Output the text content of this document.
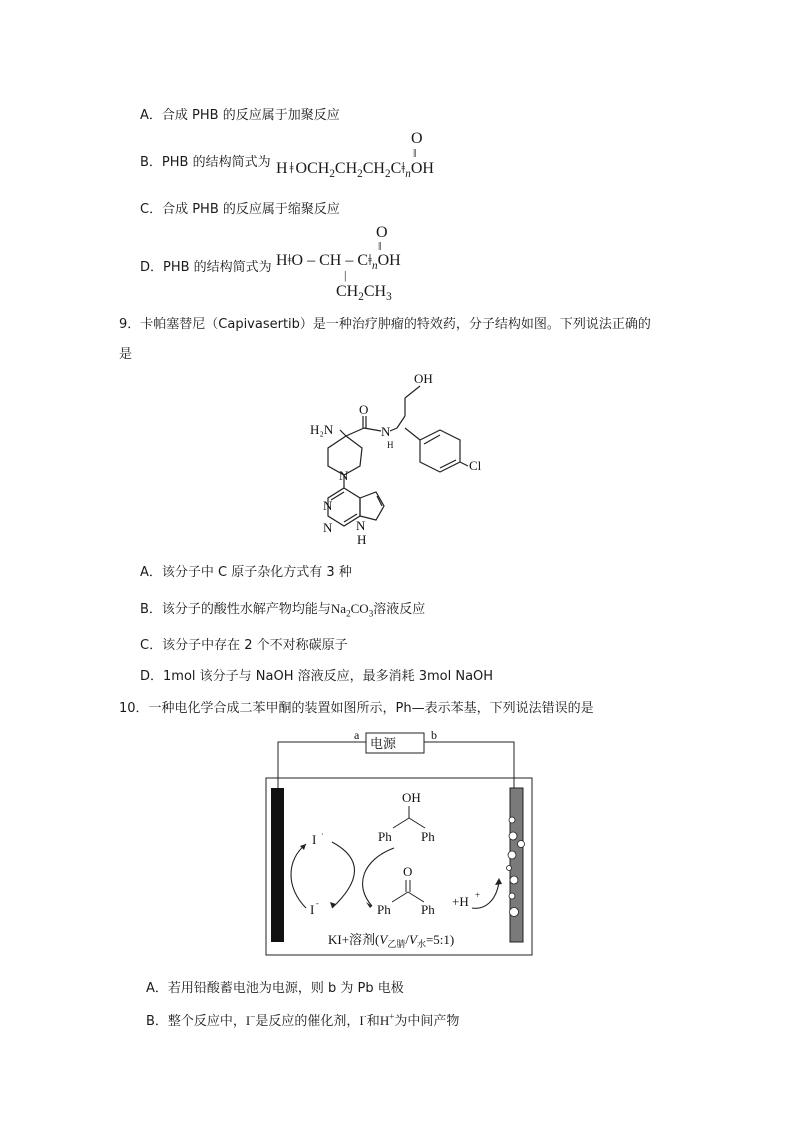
A．合成 PHB 的反应属于加聚反应
B．PHB 的结构简式为
O
‖
H ǂ $OCH_2CH_2CH_2Cǂ_nOH$
C．合成 PHB 的反应属于缩聚反应
D．PHB 的结构简式为
O
‖
HǂO – CH – $Cǂ_nOH$
|
$CH_2CH_3$
9．卡帕塞替尼（Capivasertib）是一种治疗肿瘤的特效药，分子结构如图。下列说法正确的
是
OH
O
H₂N	N
H
N
Cl
N
N N
H
A．该分子中 C 原子杂化方式有 3 种
B．该分子的酸性水解产物均能与$Na_2CO_3$溶液反应
C．该分子中存在 2 个不对称碳原子
D．1mol 该分子与 NaOH 溶液反应，最多消耗 3mol NaOH
10．一种电化学合成二苯甲酮的装置如图所示，Ph—表示苯基，下列说法错误的是
电源
a	b
I ·
I -
OH
Ph Ph
O
Ph Ph
+H +
KI+溶剂$(V_{乙腈}/V_水=5:1)$
A．若用铅酸蓄电池为电源，则 b 为 Pb 电极
B．整个反应中，I−是反应的催化剂，I·和H+为中间产物
